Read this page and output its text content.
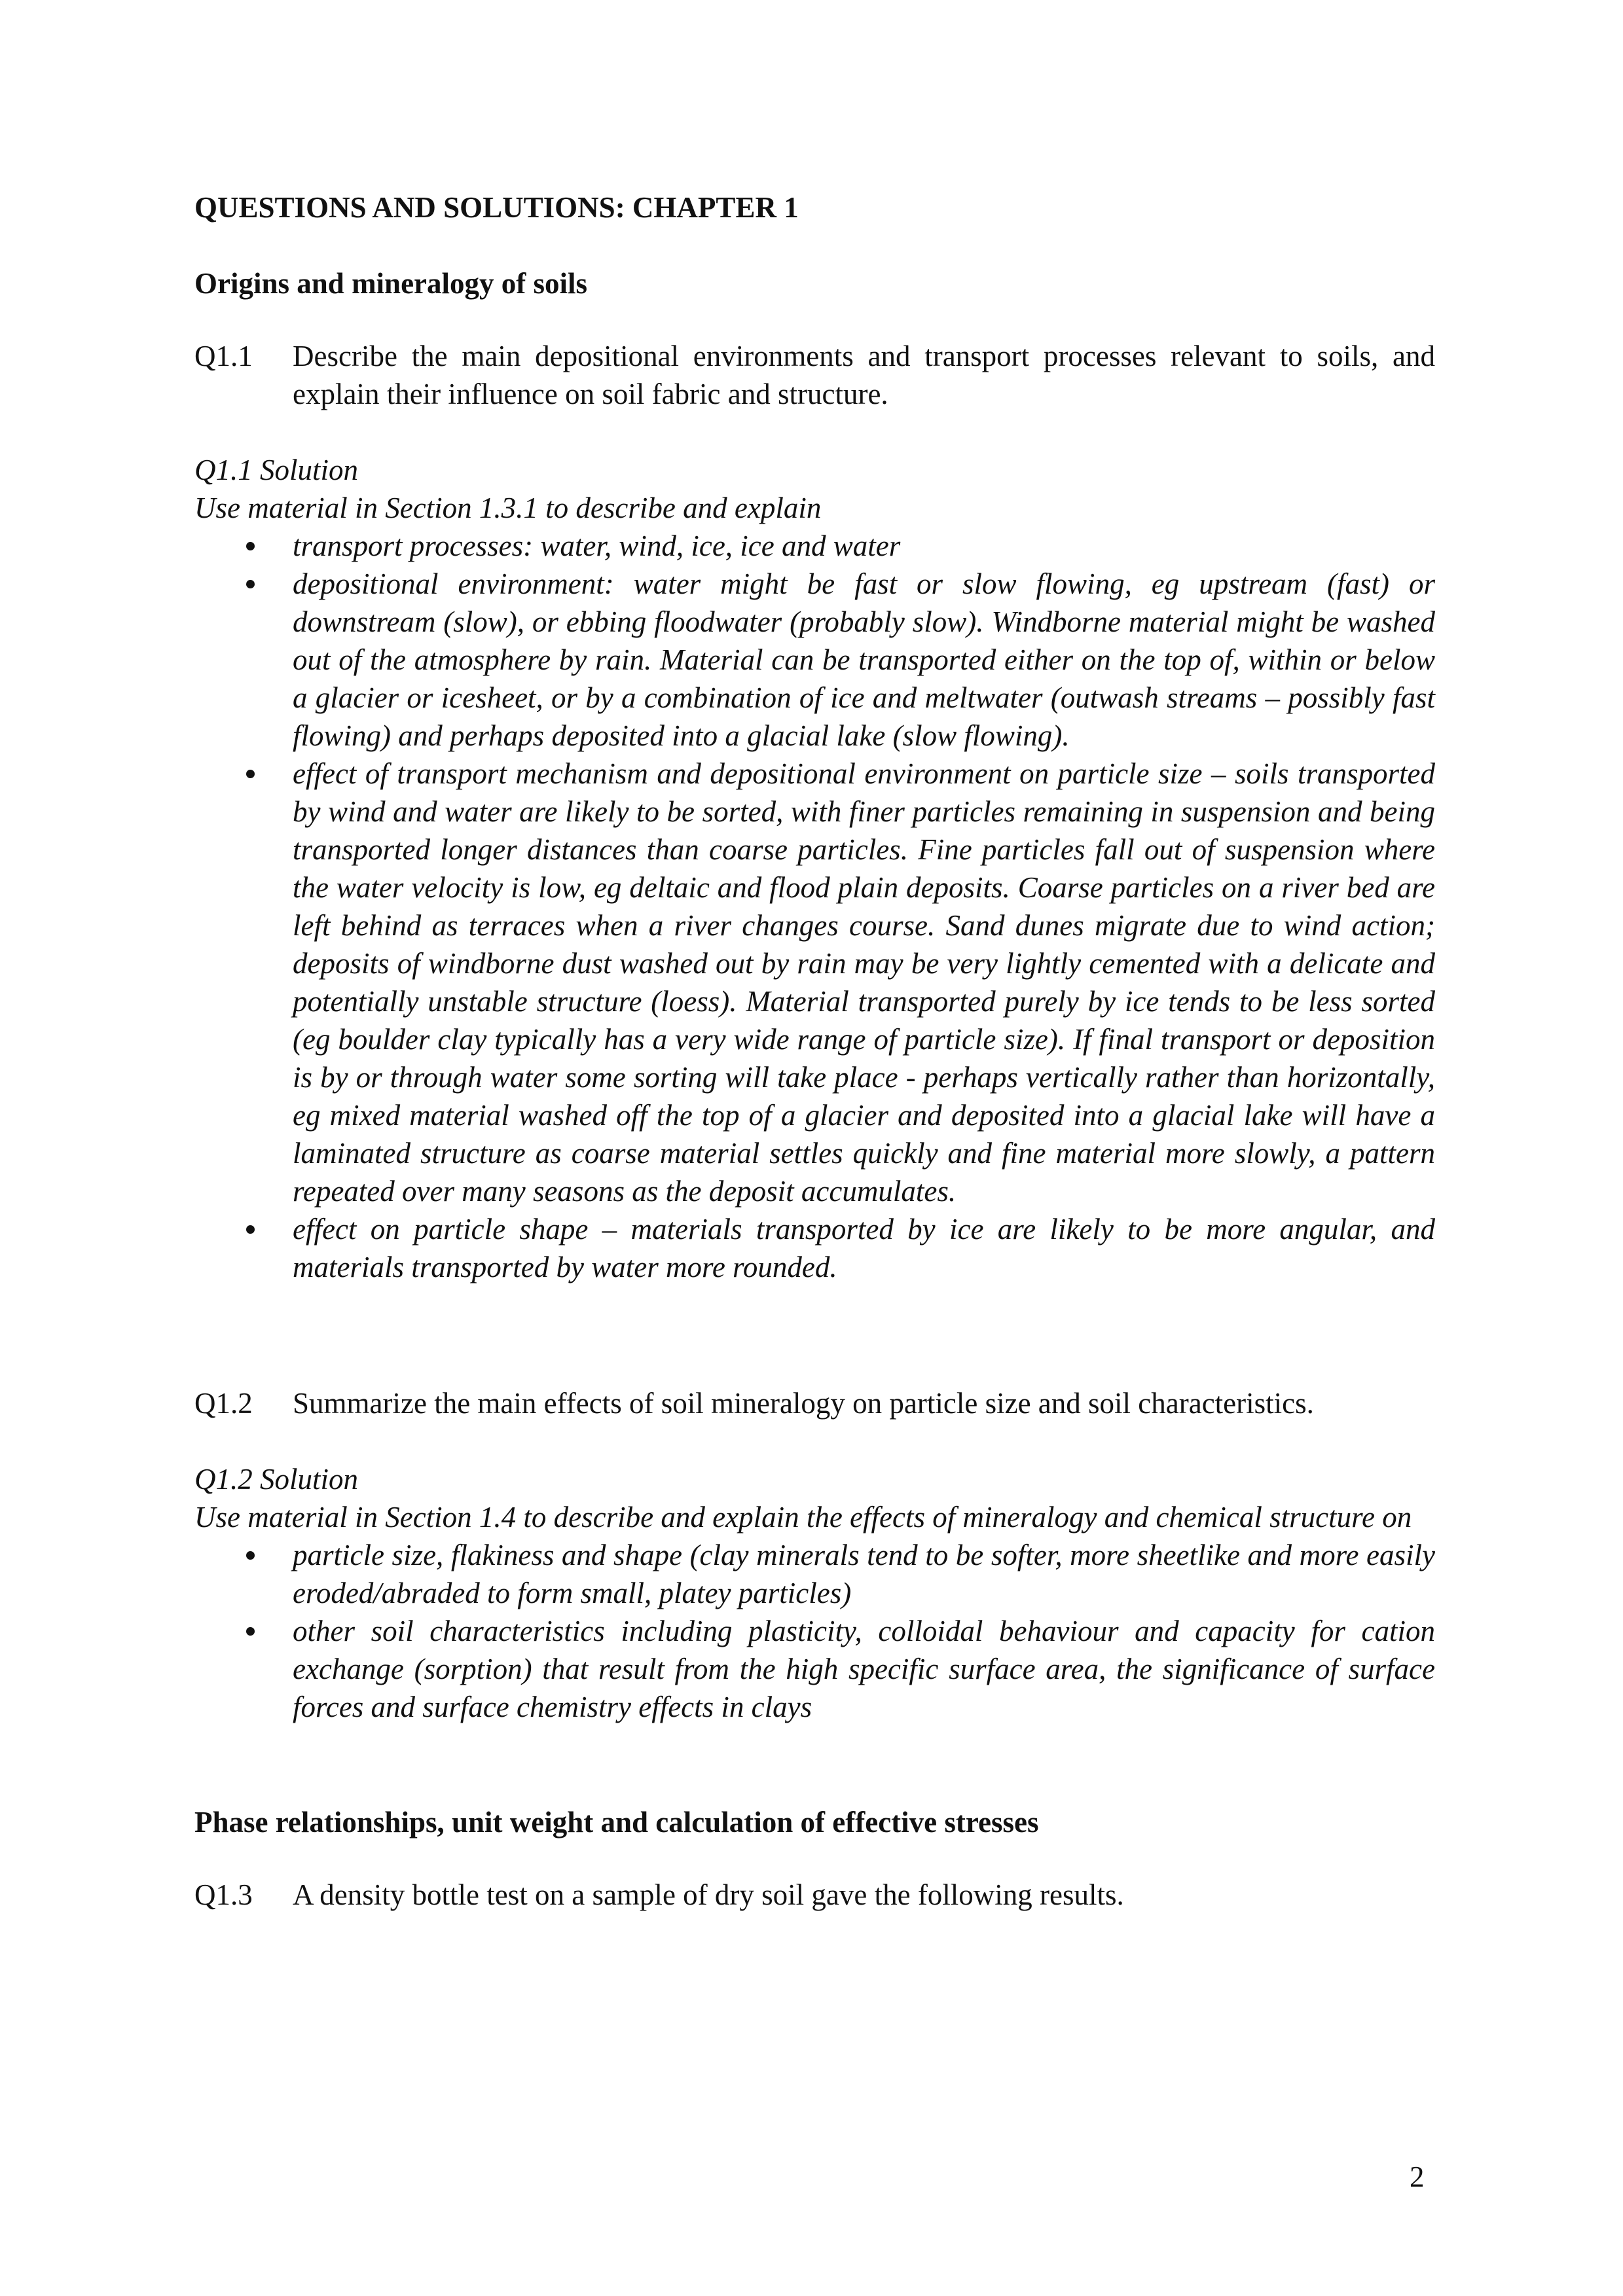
QUESTIONS AND SOLUTIONS: CHAPTER 1
Origins and mineralogy of soils
Q1.1	Describe the main depositional environments and transport processes relevant to soils, and explain their influence on soil fabric and structure.
Q1.1 Solution
Use material in Section 1.3.1 to describe and explain
transport processes: water, wind, ice, ice and water
depositional environment: water might be fast or slow flowing, eg upstream (fast) or downstream (slow), or ebbing floodwater (probably slow). Windborne material might be washed out of the atmosphere by rain. Material can be transported either on the top of, within or below a glacier or icesheet, or by a combination of ice and meltwater (outwash streams – possibly fast flowing) and perhaps deposited into a glacial lake (slow flowing).
effect of transport mechanism and depositional environment on particle size – soils transported by wind and water are likely to be sorted, with finer particles remaining in suspension and being transported longer distances than coarse particles. Fine particles fall out of suspension where the water velocity is low, eg deltaic and flood plain deposits. Coarse particles on a river bed are left behind as terraces when a river changes course. Sand dunes migrate due to wind action; deposits of windborne dust washed out by rain may be very lightly cemented with a delicate and potentially unstable structure (loess). Material transported purely by ice tends to be less sorted (eg boulder clay typically has a very wide range of particle size). If final transport or deposition is by or through water some sorting will take place - perhaps vertically rather than horizontally, eg mixed material washed off the top of a glacier and deposited into a glacial lake will have a laminated structure as coarse material settles quickly and fine material more slowly, a pattern repeated over many seasons as the deposit accumulates.
effect on particle shape – materials transported by ice are likely to be more angular, and materials transported by water more rounded.
Q1.2	Summarize the main effects of soil mineralogy on particle size and soil characteristics.
Q1.2 Solution
Use material in Section 1.4 to describe and explain the effects of mineralogy and chemical structure on
particle size, flakiness and shape (clay minerals tend to be softer, more sheetlike and more easily eroded/abraded to form small, platey particles)
other soil characteristics including plasticity, colloidal behaviour and capacity for cation exchange (sorption) that result from the high specific surface area, the significance of surface forces and surface chemistry effects in clays
Phase relationships, unit weight and calculation of effective stresses
Q1.3	A density bottle test on a sample of dry soil gave the following results.
2
